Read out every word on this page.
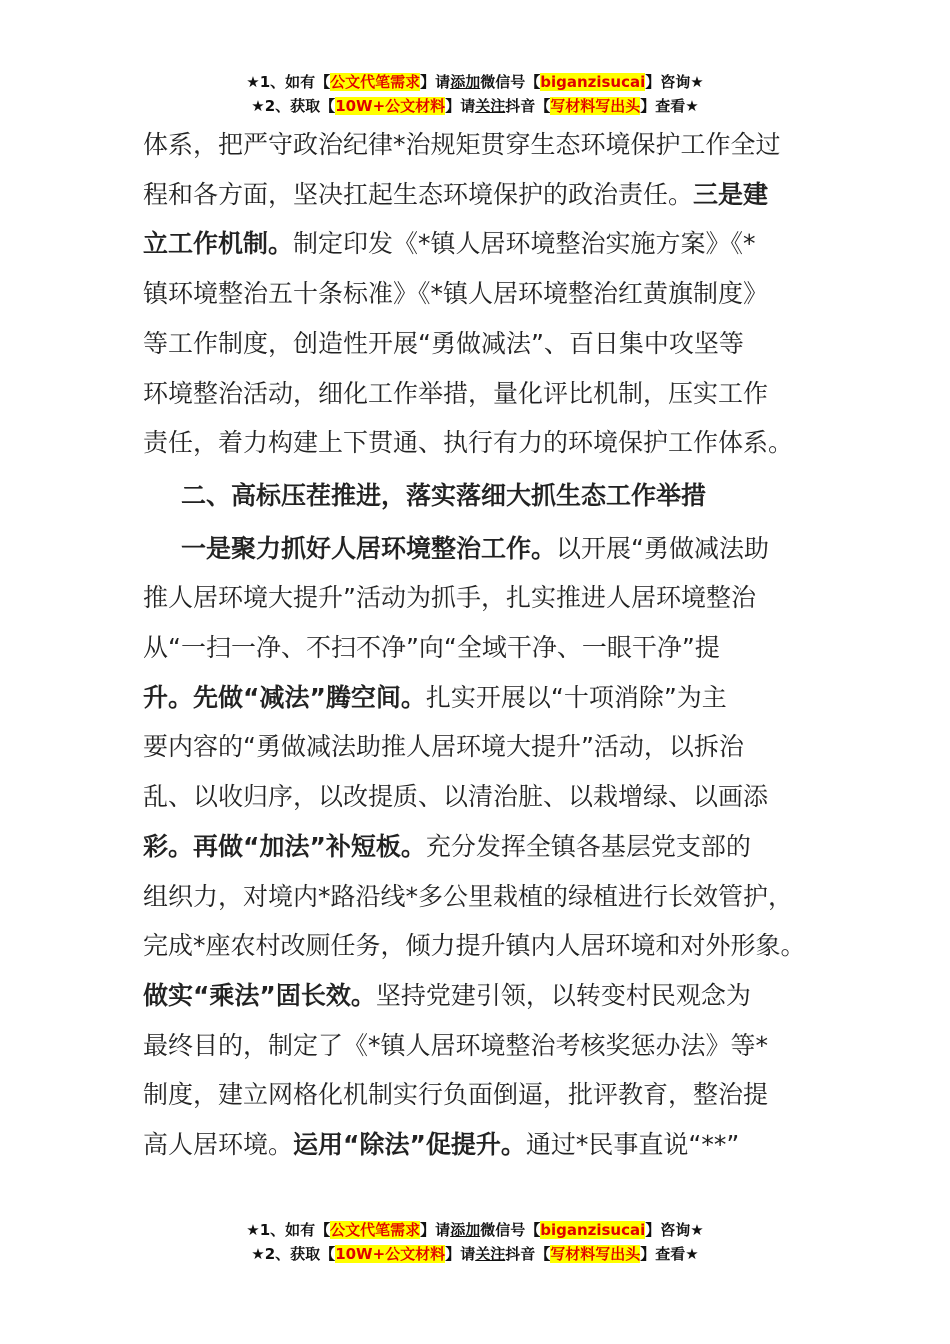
★1、如有【公文代笔需求】请添加微信号【biganzisucai】咨询★
★2、获取【10W+公文材料】请关注抖音【写材料写出头】查看★

体系，把严守政治纪律*治规矩贯穿生态环境保护工作全过

程和各方面，坚决扛起生态环境保护的政治责任。三是建

立工作机制。制定印发《*镇人居环境整治实施方案》《*

镇环境整治五十条标准》《*镇人居环境整治红黄旗制度》

等工作制度，创造性开展“勇做减法”、百日集中攻坚等

环境整治活动，细化工作举措，量化评比机制，压实工作

责任，着力构建上下贯通、执行有力的环境保护工作体系。

二、高标压茬推进，落实落细大抓生态工作举措

一是聚力抓好人居环境整治工作。以开展“勇做减法助

推人居环境大提升”活动为抓手，扎实推进人居环境整治

从“一扫一净、不扫不净”向“全域干净、一眼干净”提

升。先做“减法”腾空间。扎实开展以“十项消除”为主

要内容的“勇做减法助推人居环境大提升”活动，以拆治

乱、以收归序，以改提质、以清治脏、以栽增绿、以画添

彩。再做“加法”补短板。充分发挥全镇各基层党支部的

组织力，对境内*路沿线*多公里栽植的绿植进行长效管护，

完成*座农村改厕任务，倾力提升镇内人居环境和对外形象。

做实“乘法”固长效。坚持党建引领，以转变村民观念为

最终目的，制定了《*镇人居环境整治考核奖惩办法》等*

制度，建立网格化机制实行负面倒逼，批评教育，整治提

高人居环境。运用“除法”促提升。通过*民事直说“**”

★1、如有【公文代笔需求】请添加微信号【biganzisucai】咨询★
★2、获取【10W+公文材料】请关注抖音【写材料写出头】查看★
